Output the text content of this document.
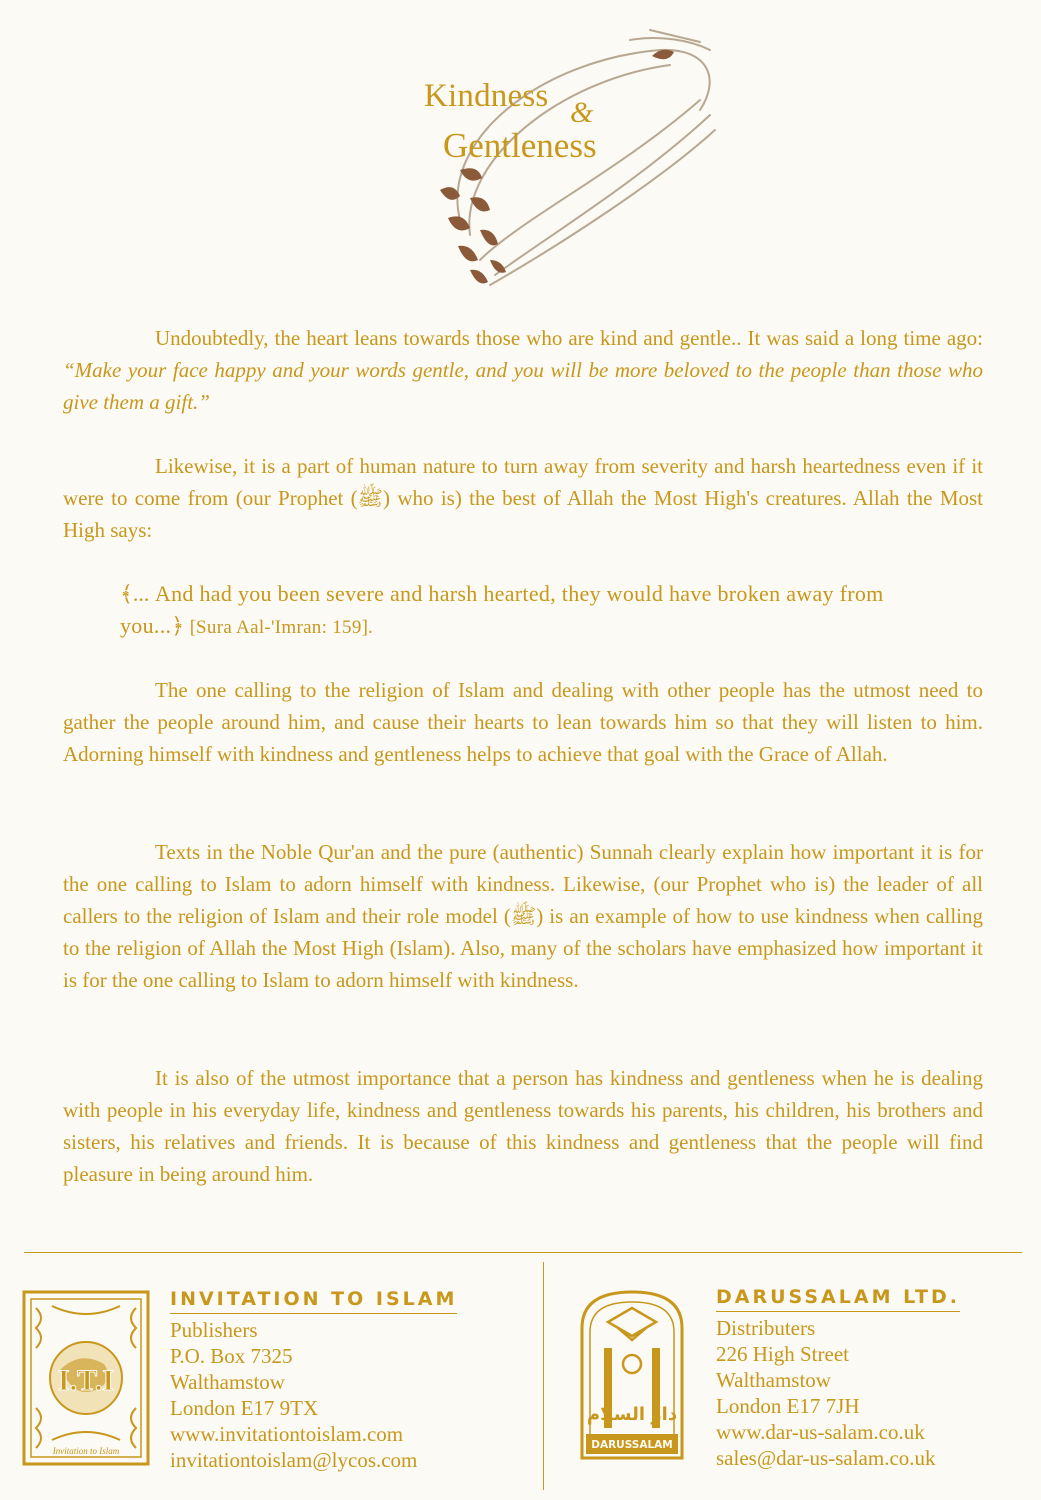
Kindness &
Gentleness

Undoubtedly, the heart leans towards those who are kind and gentle.. It was said a long time ago: “Make your face happy and your words gentle, and you will be more beloved to the people than those who give them a gift.”

Likewise, it is a part of human nature to turn away from severity and harsh heartedness even if it were to come from (our Prophet (ﷺ) who is) the best of Allah the Most High's creatures. Allah the Most High says:

﴾... And had you been severe and harsh hearted, they would have broken away from you...﴿ [Sura Aal-'Imran: 159].

The one calling to the religion of Islam and dealing with other people has the utmost need to gather the people around him, and cause their hearts to lean towards him so that they will listen to him. Adorning himself with kindness and gentleness helps to achieve that goal with the Grace of Allah.

Texts in the Noble Qur'an and the pure (authentic) Sunnah clearly explain how important it is for the one calling to Islam to adorn himself with kindness. Likewise, (our Prophet who is) the leader of all callers to the religion of Islam and their role model (ﷺ) is an example of how to use kindness when calling to the religion of Allah the Most High (Islam). Also, many of the scholars have emphasized how important it is for the one calling to Islam to adorn himself with kindness.

It is also of the utmost importance that a person has kindness and gentleness when he is dealing with people in his everyday life, kindness and gentleness towards his parents, his children, his brothers and sisters, his relatives and friends. It is because of this kindness and gentleness that the people will find pleasure in being around him.

I.T.I
Invitation to Islam
INVITATION TO ISLAM
Publishers
P.O. Box 7325
Walthamstow
London E17 9TX
www.invitationtoislam.com
invitationtoislam@lycos.com
دار السلام
DARUSSALAM
DARUSSALAM LTD.
Distributers
226 High Street
Walthamstow
London E17 7JH
www.dar-us-salam.co.uk
sales@dar-us-salam.co.uk
